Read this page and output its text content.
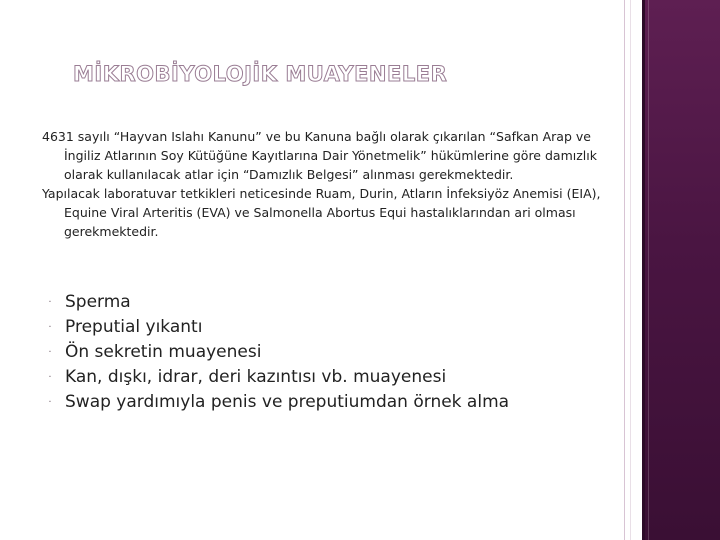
MİKROBİYOLOJİK MUAYENELER

4631 sayılı “Hayvan Islahı Kanunu” ve bu Kanuna bağlı olarak çıkarılan “Safkan Arap ve İngiliz Atlarının Soy Kütüğüne Kayıtlarına Dair Yönetmelik” hükümlerine göre damızlık olarak kullanılacak atlar için “Damızlık Belgesi” alınması gerekmektedir.

Yapılacak laboratuvar tetkikleri neticesinde Ruam, Durin, Atların İnfeksiyöz Anemisi (EIA), Equine Viral Arteritis (EVA) ve Salmonella Abortus Equi hastalıklarından ari olması gerekmektedir.

· Sperma
· Preputial yıkantı
· Ön sekretin muayenesi
· Kan, dışkı, idrar, deri kazıntısı vb. muayenesi
· Swap yardımıyla penis ve preputiumdan örnek alma
